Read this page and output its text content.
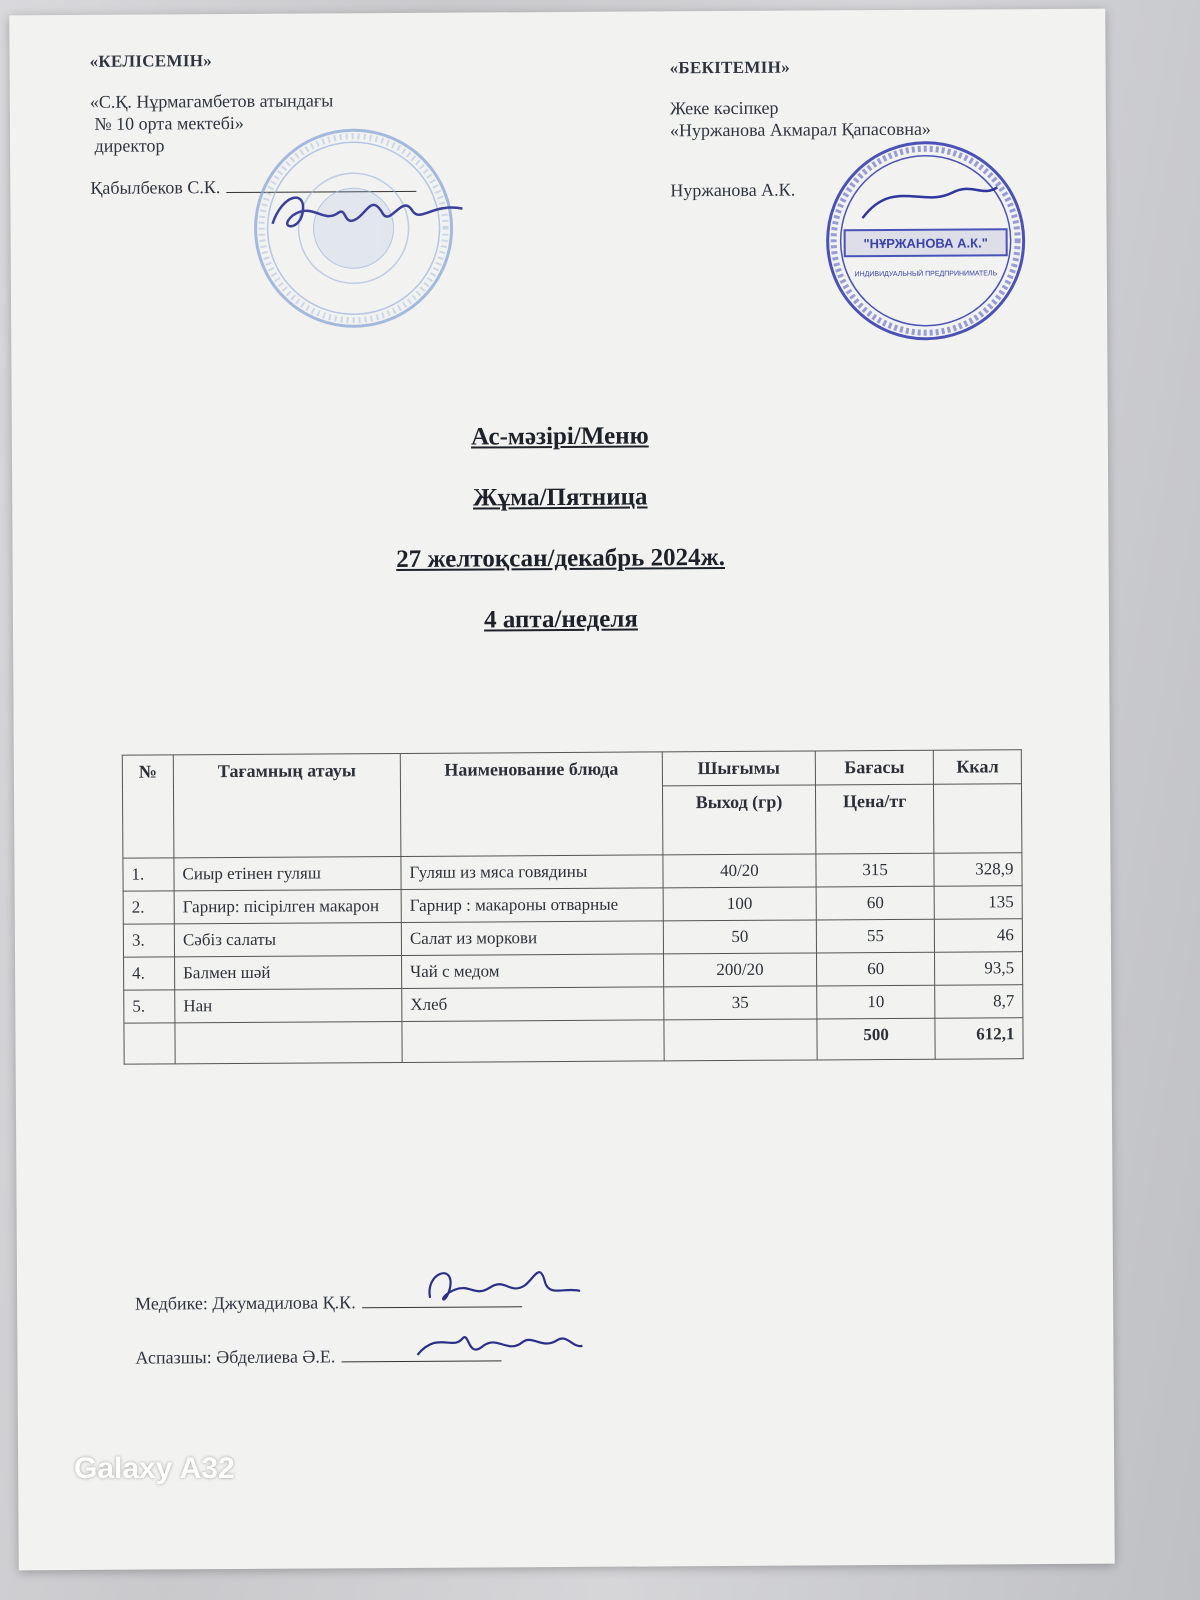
«КЕЛІСЕМІН»
«С.Қ. Нұрмагамбетов атындағы
№ 10 орта мектебі»
директор
Қабылбеков С.К.
«БЕКІТЕМІН»
Жеке кәсіпкер
«Нуржанова Акмарал Қапасовна»
Нуржанова А.К.
"НҰРЖАНОВА А.К."
ИНДИВИДУАЛЬНЫЙ ПРЕДПРИНИМАТЕЛЬ
Ас-мәзірі/Меню
Жұма/Пятница
27 желтоқсан/декабрь 2024ж.
4 апта/неделя
№	Тағамның атауы	Наименование блюда	Шығымы	Бағасы	Ккал
			Выход (гр)	Цена/тг	
1.	Сиыр етінен гуляш	Гуляш из мяса говядины	40/20	315	328,9
2.	Гарнир: пісірілген макарон	Гарнир : макароны отварные	100	60	135
3.	Сәбіз салаты	Салат из моркови	50	55	46
4.	Балмен шәй	Чай с медом	200/20	60	93,5
5.	Нан	Хлеб	35	10	8,7
				500	612,1
Медбике: Джумадилова Қ.К.
Аспазшы: Әбделиева Ә.Е.
Galaxy A32
